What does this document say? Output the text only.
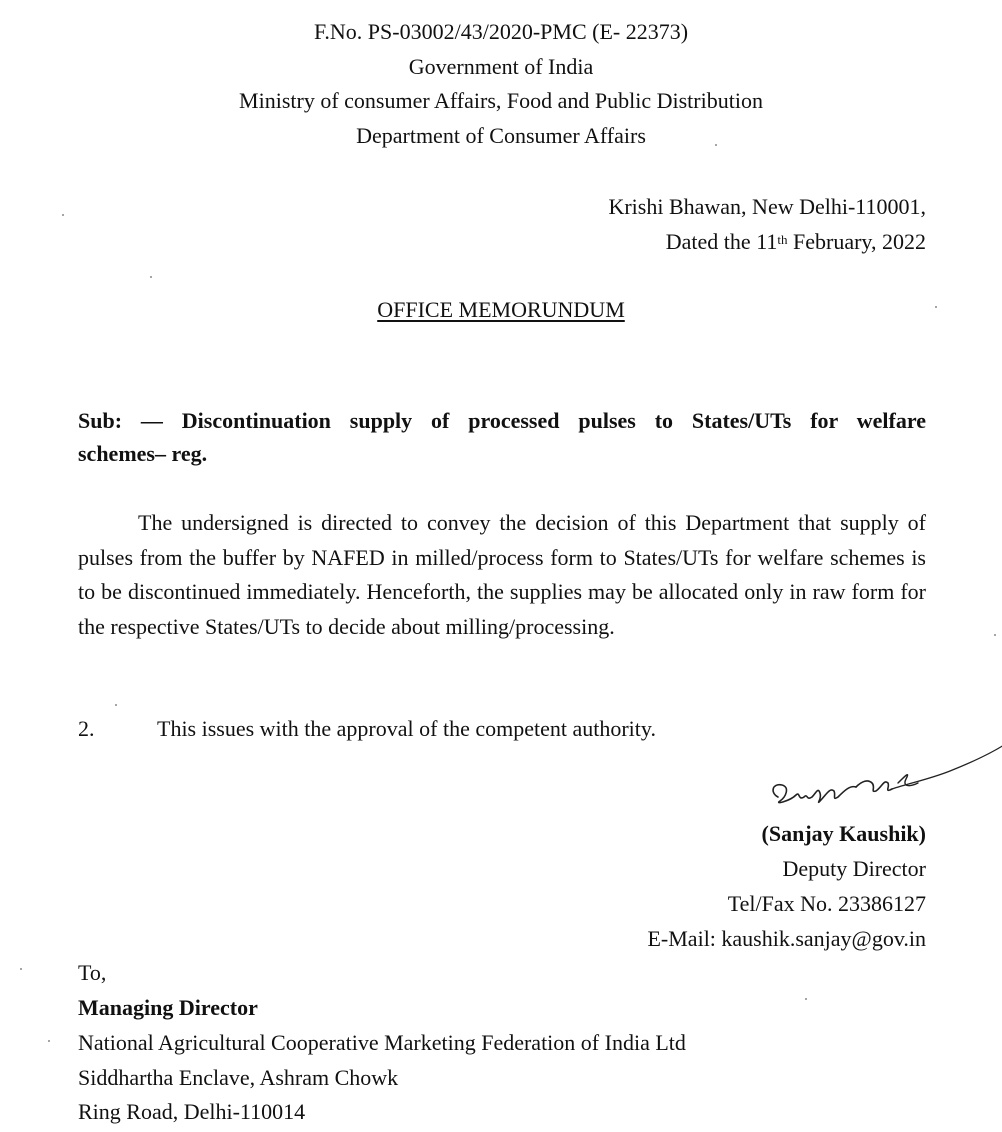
F.No. PS-03002/43/2020-PMC (E- 22373)
Government of India
Ministry of consumer Affairs, Food and Public Distribution
Department of Consumer Affairs
Krishi Bhawan, New Delhi-110001,
Dated the 11th February, 2022
OFFICE MEMORUNDUM
Sub: — Discontinuation supply of processed pulses to States/UTs for welfare
schemes– reg.
The undersigned is directed to convey the decision of this Department that supply of pulses from the buffer by NAFED in milled/process form to States/UTs for welfare schemes is to be discontinued immediately. Henceforth, the supplies may be allocated only in raw form for the respective States/UTs to decide about milling/processing.
2.	This issues with the approval of the competent authority.
(Sanjay Kaushik)
Deputy Director
Tel/Fax No. 23386127
E-Mail: kaushik.sanjay@gov.in
To,
Managing Director
National Agricultural Cooperative Marketing Federation of India Ltd
Siddhartha Enclave, Ashram Chowk
Ring Road, Delhi-110014
